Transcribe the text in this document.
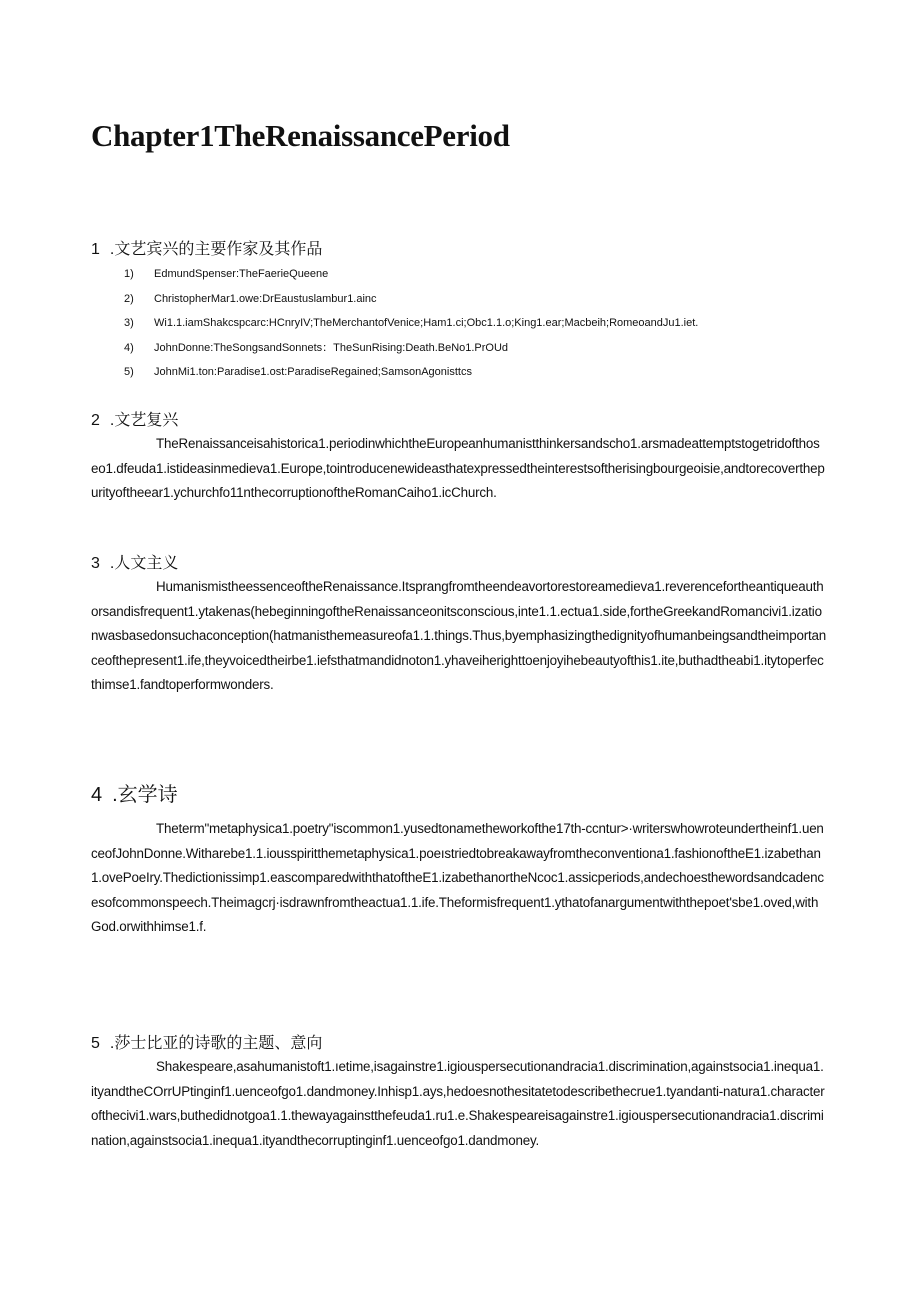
Chapter1TheRenaissancePeriod
1 .文艺宾兴的主要作家及其作品
1) EdmundSpenser:TheFaerieQueene
2) ChristopherMar1.owe:DrEaustuslambur1.ainc
3) Wi1.1.iamShakcspcarc:HCnryIV;TheMerchantofVenice;Ham1.ci;Obc1.1.o;King1.ear;Macbeih;RomeoandJu1.iet.
4) JohnDonne:TheSongsandSonnets：TheSunRising:Death.BeNo1.PrOUd
5) JohnMi1.ton:Paradise1.ost:ParadiseRegained;SamsonAgonisttcs
2 .文艺复兴

TheRenaissanceisahistorica1.periodinwhichtheEuropeanhumanistthinkersandscho1.arsmadeattemptstogetridofthoseo1.dfeuda1.istideasinmedieva1.Europe,tointroducenewideasthatexpressedtheinterestsoftherisingbourgeoisie,andtorecoverthepurityoftheear1.ychurchfo11nthecorruptionoftheRomanCaiho1.icChurch.

3 .人文主义

HumanismistheessenceoftheRenaissance.Itsprangfromtheendeavortorestoreamedieva1.reverencefortheantiqueauthorsandisfrequent1.ytakenas(hebeginningoftheRenaissanceonitsconscious,inte1.1.ectua1.side,fortheGreekandRomancivi1.izationwasbasedonsuchaconception(hatmanisthemeasureofa1.1.things.Thus,byemphasizingthedignityofhumanbeingsandtheimportanceofthepresent1.ife,theyvoicedtheirbe1.iefsthatmandidnoton1.yhaveiherighttoenjoyihebeautyofthis1.ite,buthadtheabi1.itytoperfecthimse1.fandtoperformwonders.

4 .玄学诗

Theterm"metaphysica1.poetry"iscommon1.yusedtonametheworkofthe17th-ccntur>·writerswhowroteundertheinf1.uenceofJohnDonne.Witharebe1.1.iousspiritthemetaphysica1.poeıstriedtobreakawayfromtheconventiona1.fashionoftheE1.izabethan1.ovePoeIry.Thedictionissimp1.eascomparedwiththatoftheE1.izabethanortheNcoc1.assicperiods,andechoesthewordsandcadencesofcommonspeech.Theimagcrj·isdrawnfromtheactua1.1.ife.Theformisfrequent1.ythatofanargumentwiththepoet'sbe1.oved,withGod.orwithhimse1.f.

5 .莎士比亚的诗歌的主题、意向

Shakespeare,asahumanistoft1.ıetime,isagainstre1.igiouspersecutionandracia1.discrimination,againstsocia1.inequa1.ityandtheCOrrUPtinginf1.uenceofgo1.dandmoney.Inhisp1.ays,hedoesnothesitatetodescribethecrue1.tyandanti-natura1.characterofthecivi1.wars,buthedidnotgoa1.1.thewayagainstthefeuda1.ru1.e.Shakespeareisagainstre1.igiouspersecutionandracia1.discrimination,againstsocia1.inequa1.ityandthecorruptinginf1.uenceofgo1.dandmoney.
